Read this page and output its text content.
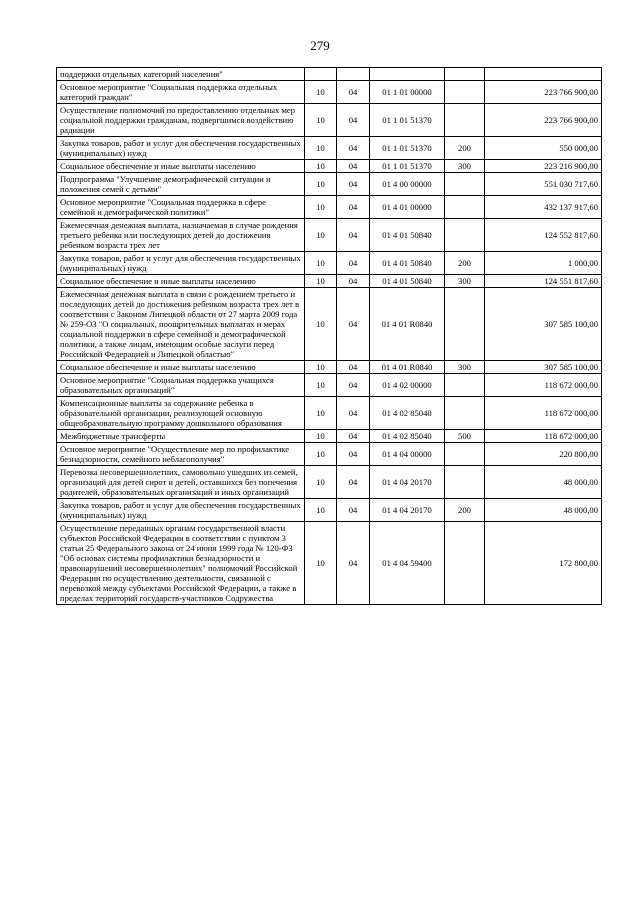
279
поддержки отдельных категорий населения"					
Основное мероприятие "Социальная поддержка отдельных категорий граждан"	10	04	01 1 01 00000		223 766 900,00
Осуществление полномочий по предоставлению отдельных мер социальной поддержки гражданам, подвергшимся воздействию радиации	10	04	01 1 01 51370		223 766 900,00
Закупка товаров, работ и услуг для обеспечения государственных (муниципальных) нужд	10	04	01 1 01 51370	200	550 000,00
Социальное обеспечение и иные выплаты населению	10	04	01 1 01 51370	300	223 216 900,00
Подпрограмма "Улучшение демографической ситуации и положения семей с детьми"	10	04	01 4 00 00000		551 030 717,60
Основное мероприятие "Социальная поддержка в сфере семейной и демографической политики"	10	04	01 4 01 00000		432 137 917,60
Ежемесячная денежная выплата, назначаемая в случае рождения третьего ребенка или последующих детей до достижения ребенком возраста трех лет	10	04	01 4 01 50840		124 552 817,60
Закупка товаров, работ и услуг для обеспечения государственных (муниципальных) нужд	10	04	01 4 01 50840	200	1 000,00
Социальное обеспечение и иные выплаты населению	10	04	01 4 01 50840	300	124 551 817,60
Ежемесячная денежная выплата в связи с рождением третьего и последующих детей до достижения ребенком возраста трех лет в соответствии с Законом Липецкой области от 27 марта 2009 года № 259-ОЗ "О социальных, поощрительных выплатах и мерах социальной поддержки в сфере семейной и демографической политики, а также лицам, имеющим особые заслуги перед Российской Федерацией и Липецкой областью"	10	04	01 4 01 R0840		307 585 100,00
Социальное обеспечение и иные выплаты населению	10	04	01 4 01 R0840	300	307 585 100,00
Основное мероприятие "Социальная поддержка учащихся образовательных организаций"	10	04	01 4 02 00000		118 672 000,00
Компенсационные выплаты за содержание ребенка в образовательной организации, реализующей основную общеобразовательную программу дошкольного образования	10	04	01 4 02 85040		118 672 000,00
Межбюджетные трансферты	10	04	01 4 02 85040	500	118 672 000,00
Основное мероприятие "Осуществление мер по профилактике безнадзорности, семейного неблагополучия"	10	04	01 4 04 00000		220 800,00
Перевозка несовершеннолетних, самовольно ушедших из семей, организаций для детей сирот и детей, оставшихся без попечения родителей, образовательных организаций и иных организаций	10	04	01 4 04 20170		48 000,00
Закупка товаров, работ и услуг для обеспечения государственных (муниципальных) нужд	10	04	01 4 04 20170	200	48 000,00
Осуществление переданных органам государственной власти субъектов Российской Федерации в соответствии с пунктом 3 статьи 25 Федерального закона от 24 июня 1999 года № 120-ФЗ "Об основах системы профилактики безнадзорности и правонарушений несовершеннолетних" полномочий Российской Федерации по осуществлению деятельности, связанной с перевозкой между субъектами Российской Федерации, а также в пределах территорий государств-участников Содружества	10	04	01 4 04 59400		172 800,00
